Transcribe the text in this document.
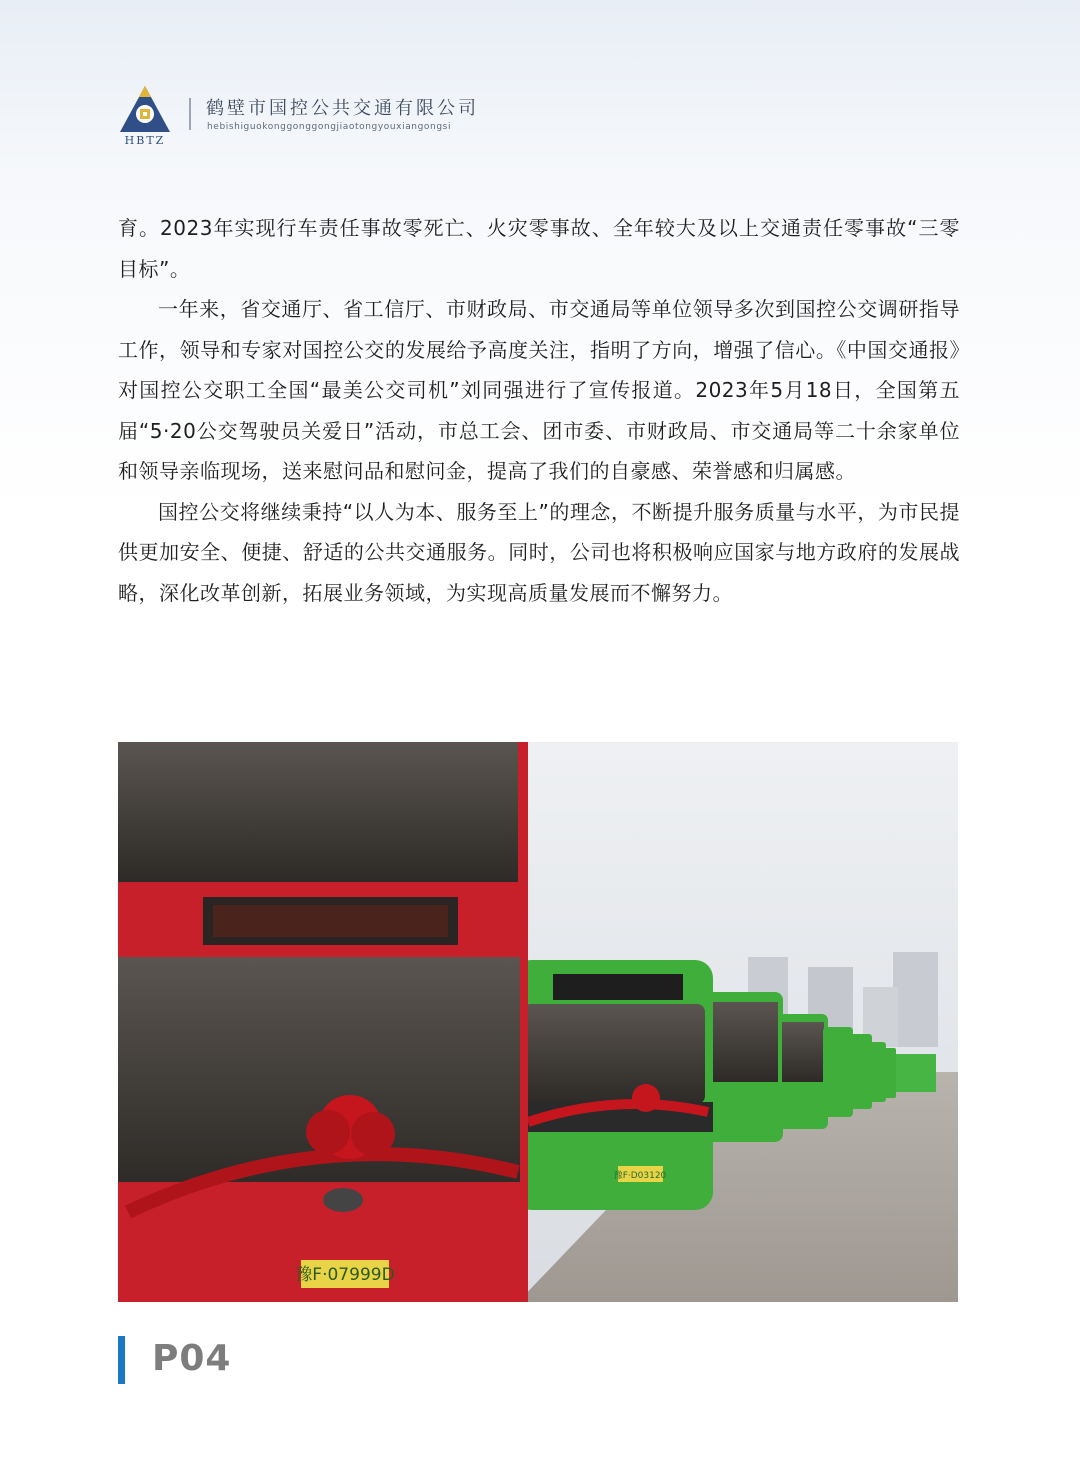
HBTZ
鹤壁市国控公共交通有限公司
hebishiguokonggonggongjiaotongyouxiangongsi

育。2023年实现行车责任事故零死亡、火灾零事故、全年较大及以上交通责任零事故“三零目标”。

一年来，省交通厅、省工信厅、市财政局、市交通局等单位领导多次到国控公交调研指导工作，领导和专家对国控公交的发展给予高度关注，指明了方向，增强了信心。《中国交通报》对国控公交职工全国“最美公交司机”刘同强进行了宣传报道。2023年5月18日，全国第五届“5·20公交驾驶员关爱日”活动，市总工会、团市委、市财政局、市交通局等二十余家单位和领导亲临现场，送来慰问品和慰问金，提高了我们的自豪感、荣誉感和归属感。

国控公交将继续秉持“以人为本、服务至上”的理念，不断提升服务质量与水平，为市民提供更加安全、便捷、舒适的公共交通服务。同时，公司也将积极响应国家与地方政府的发展战略，深化改革创新，拓展业务领域，为实现高质量发展而不懈努力。

豫F·D03120
豫F·07999D
P04
